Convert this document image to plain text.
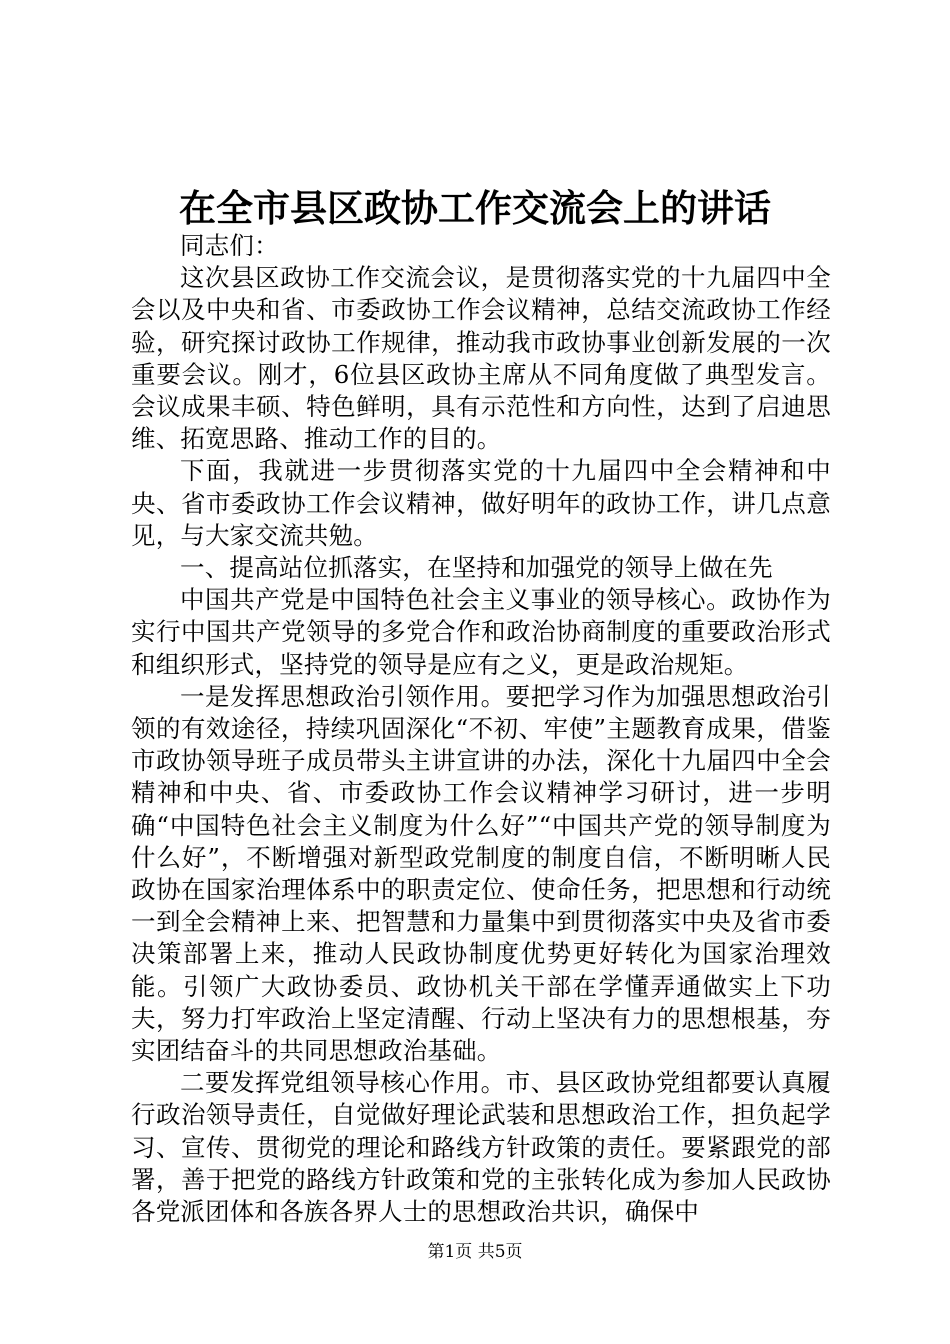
在全市县区政协工作交流会上的讲话

同志们：

这次县区政协工作交流会议，是贯彻落实党的十九届四中全会以及中央和省、市委政协工作会议精神，总结交流政协工作经验，研究探讨政协工作规律，推动我市政协事业创新发展的一次重要会议。刚才，6位县区政协主席从不同角度做了典型发言。会议成果丰硕、特色鲜明，具有示范性和方向性，达到了启迪思维、拓宽思路、推动工作的目的。

下面，我就进一步贯彻落实党的十九届四中全会精神和中央、省市委政协工作会议精神，做好明年的政协工作，讲几点意见，与大家交流共勉。

一、提高站位抓落实，在坚持和加强党的领导上做在先

中国共产党是中国特色社会主义事业的领导核心。政协作为实行中国共产党领导的多党合作和政治协商制度的重要政治形式和组织形式，坚持党的领导是应有之义，更是政治规矩。

一是发挥思想政治引领作用。要把学习作为加强思想政治引领的有效途径，持续巩固深化“不初、牢使”主题教育成果，借鉴市政协领导班子成员带头主讲宣讲的办法，深化十九届四中全会精神和中央、省、市委政协工作会议精神学习研讨，进一步明确“中国特色社会主义制度为什么好”“中国共产党的领导制度为什么好”，不断增强对新型政党制度的制度自信，不断明晰人民政协在国家治理体系中的职责定位、使命任务，把思想和行动统一到全会精神上来、把智慧和力量集中到贯彻落实中央及省市委决策部署上来，推动人民政协制度优势更好转化为国家治理效能。引领广大政协委员、政协机关干部在学懂弄通做实上下功夫，努力打牢政治上坚定清醒、行动上坚决有力的思想根基，夯实团结奋斗的共同思想政治基础。

二要发挥党组领导核心作用。市、县区政协党组都要认真履行政治领导责任，自觉做好理论武装和思想政治工作，担负起学习、宣传、贯彻党的理论和路线方针政策的责任。要紧跟党的部署，善于把党的路线方针政策和党的主张转化成为参加人民政协各党派团体和各族各界人士的思想政治共识，确保中

第1页 共5页
